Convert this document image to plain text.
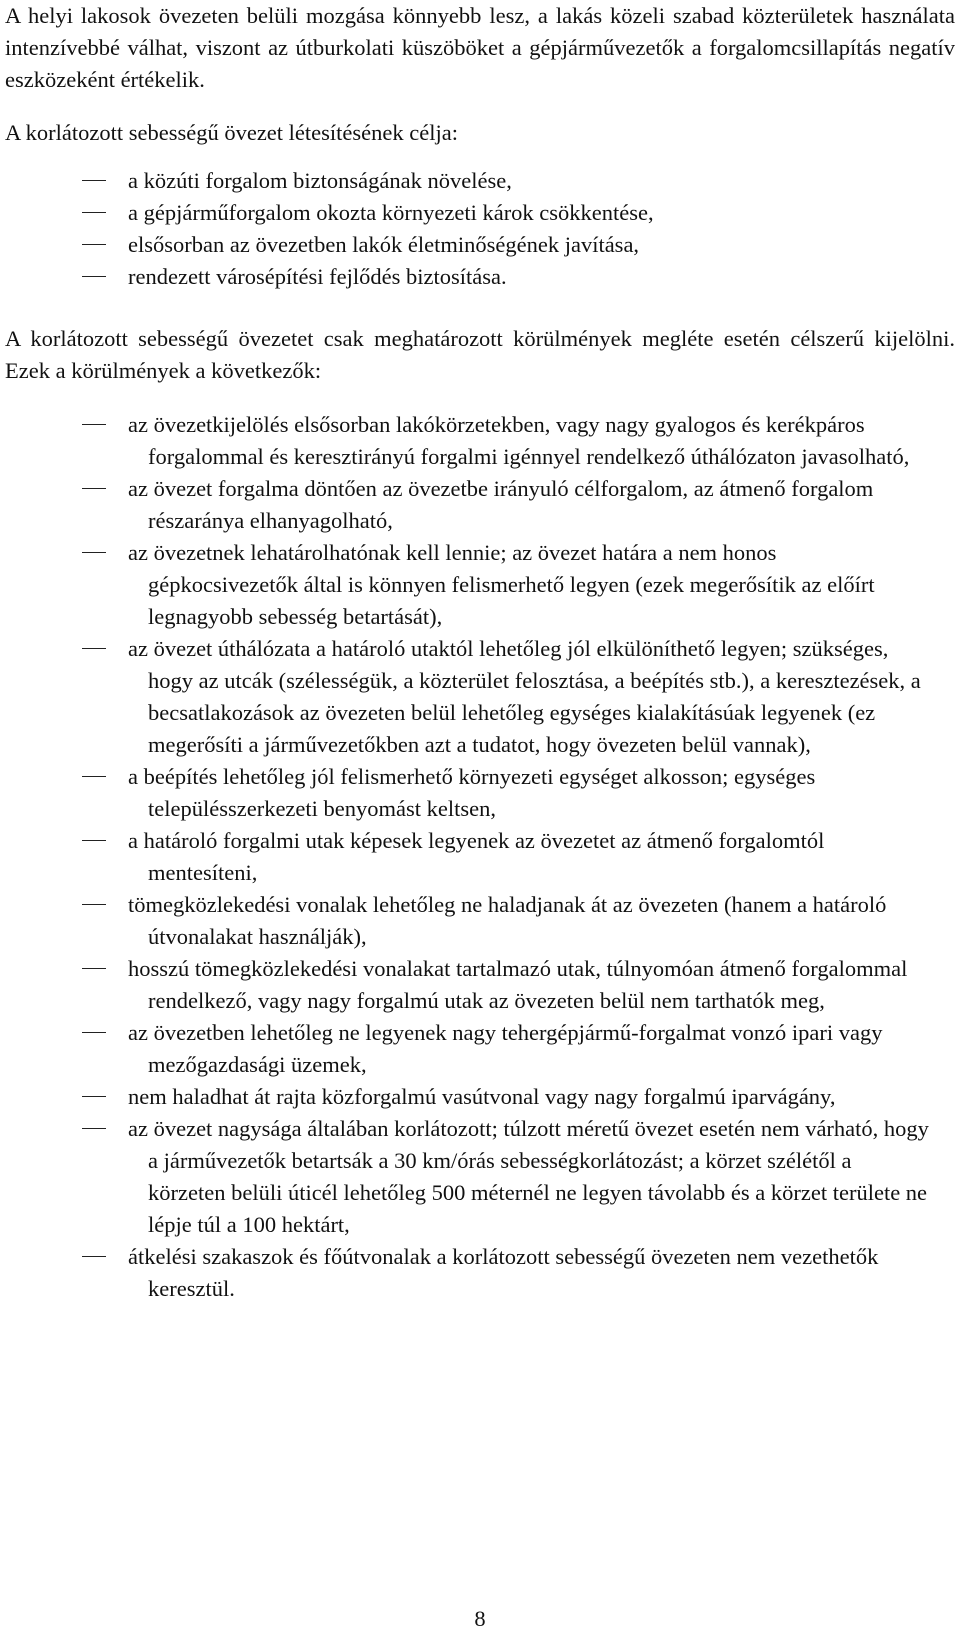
A helyi lakosok övezeten belüli mozgása könnyebb lesz, a lakás közeli szabad közterületek használata intenzívebbé válhat, viszont az útburkolati küszöböket a gépjárművezetők a forgalomcsillapítás negatív eszközeként értékelik.

A korlátozott sebességű övezet létesítésének célja:

a közúti forgalom biztonságának növelése,
a gépjárműforgalom okozta környezeti károk csökkentése,
elsősorban az övezetben lakók életminőségének javítása,
rendezett városépítési fejlődés biztosítása.

A korlátozott sebességű övezetet csak meghatározott körülmények megléte esetén célszerű kijelölni. Ezek a körülmények a következők:

az övezetkijelölés elsősorban lakókörzetekben, vagy nagy gyalogos és kerékpáros forgalommal és keresztirányú forgalmi igénnyel rendelkező úthálózaton javasolható,
az övezet forgalma döntően az övezetbe irányuló célforgalom, az átmenő forgalom részaránya elhanyagolható,
az övezetnek lehatárolhatónak kell lennie; az övezet határa a nem honos gépkocsivezetők által is könnyen felismerhető legyen (ezek megerősítik az előírt legnagyobb sebesség betartását),
az övezet úthálózata a határoló utaktól lehetőleg jól elkülöníthető legyen; szükséges, hogy az utcák (szélességük, a közterület felosztása, a beépítés stb.), a keresztezések, a becsatlakozások az övezeten belül lehetőleg egységes kialakításúak legyenek (ez megerősíti a járművezetőkben azt a tudatot, hogy övezeten belül vannak),
a beépítés lehetőleg jól felismerhető környezeti egységet alkosson; egységes településszerkezeti benyomást keltsen,
a határoló forgalmi utak képesek legyenek az övezetet az átmenő forgalomtól mentesíteni,
tömegközlekedési vonalak lehetőleg ne haladjanak át az övezeten (hanem a határoló útvonalakat használják),
hosszú tömegközlekedési vonalakat tartalmazó utak, túlnyomóan átmenő forgalommal rendelkező, vagy nagy forgalmú utak az övezeten belül nem tarthatók meg,
az övezetben lehetőleg ne legyenek nagy tehergépjármű-forgalmat vonzó ipari vagy mezőgazdasági üzemek,
nem haladhat át rajta közforgalmú vasútvonal vagy nagy forgalmú iparvágány,
az övezet nagysága általában korlátozott; túlzott méretű övezet esetén nem várható, hogy a járművezetők betartsák a 30 km/órás sebességkorlátozást; a körzet szélétől a körzeten belüli úticél lehetőleg 500 méternél ne legyen távolabb és a körzet területe ne lépje túl a 100 hektárt,
átkelési szakaszok és főútvonalak a korlátozott sebességű övezeten nem vezethetők keresztül.
8
